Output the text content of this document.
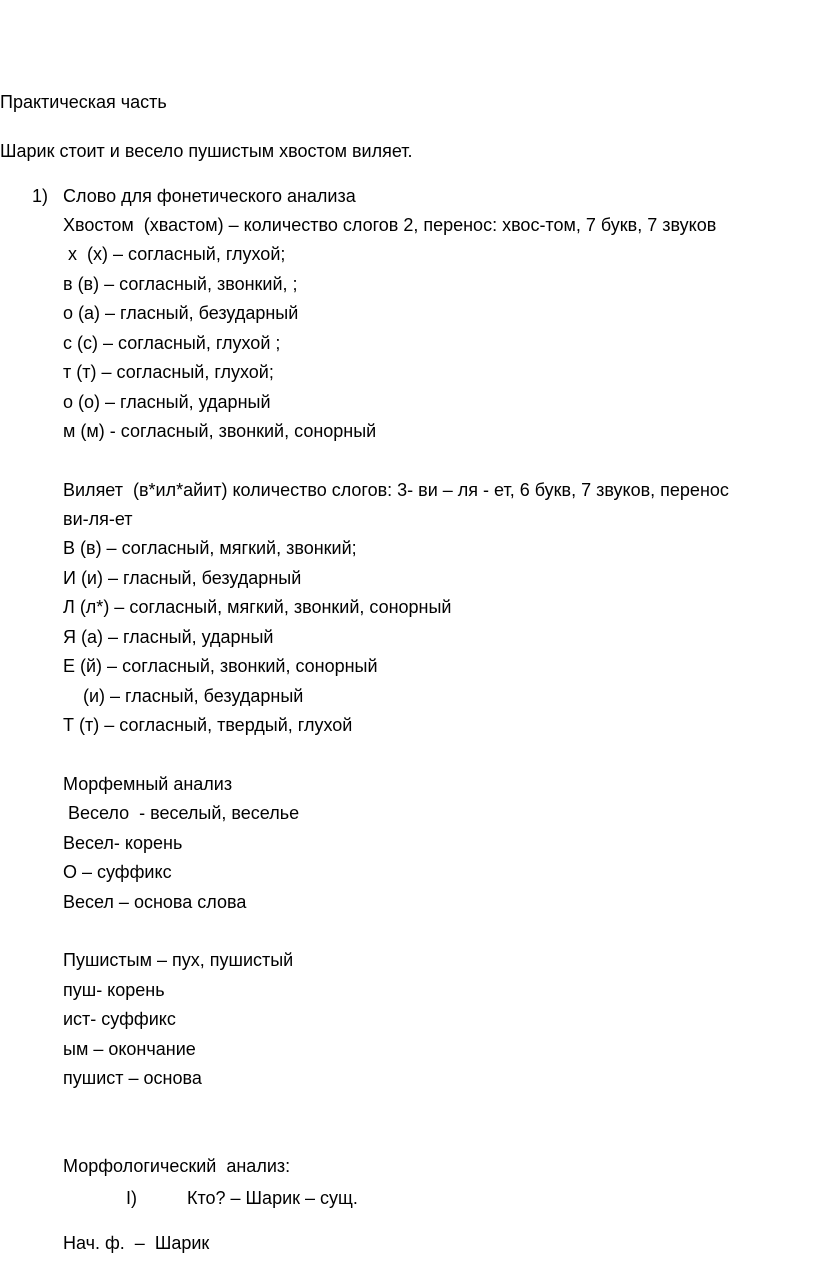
Практическая часть
Шарик стоит и весело пушистым хвостом виляет.
1) Слово для фонетического анализа
Хвостом  (хвастом) – количество слогов 2, перенос: хвос-том, 7 букв, 7 звуков
х  (х) – согласный, глухой;
в (в) – согласный, звонкий, ;
о (а) – гласный, безударный
с (с) – согласный, глухой ;
т (т) – согласный, глухой;
о (о) – гласный, ударный
м (м) - согласный, звонкий, сонорный
Виляет  (в*ил*айит) количество слогов: 3- ви – ля - ет, 6 букв, 7 звуков, перенос
ви-ля-ет
В (в) – согласный, мягкий, звонкий;
И (и) – гласный, безударный
Л (л*) – согласный, мягкий, звонкий, сонорный
Я (а) – гласный, ударный
Е (й) – согласный, звонкий, сонорный
(и) – гласный, безударный
Т (т) – согласный, твердый, глухой
Морфемный анализ
Весело  - веселый, веселье
Весел- корень
О – суффикс
Весел – основа слова
Пушистым – пух, пушистый
пуш- корень
ист- суффикс
ым – окончание
пушист – основа
Морфологический  анализ:
I)	Кто? – Шарик – сущ.
Нач. ф.  –  Шарик
